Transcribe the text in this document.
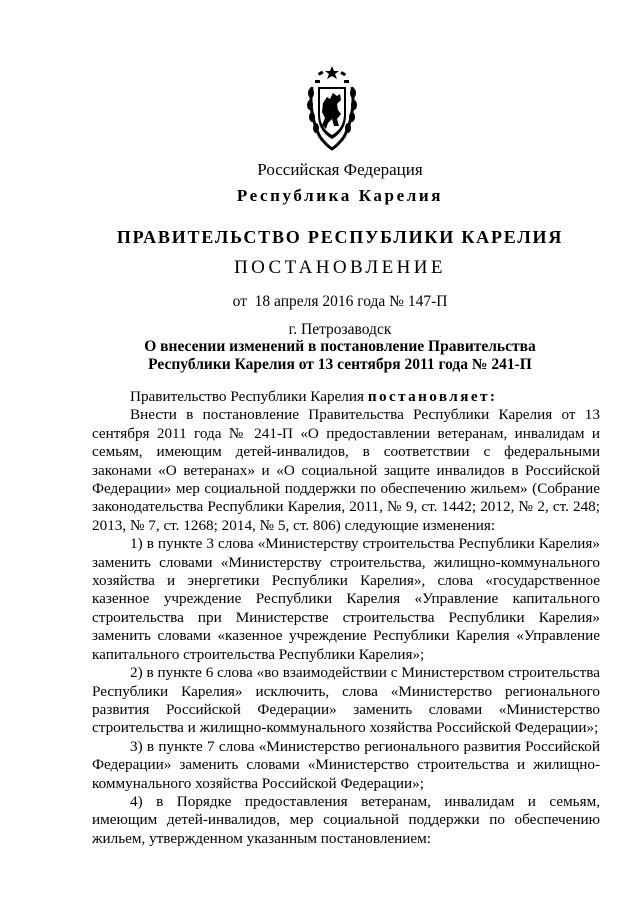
Российская Федерация
Республика Карелия
ПРАВИТЕЛЬСТВО РЕСПУБЛИКИ КАРЕЛИЯ
ПОСТАНОВЛЕНИЕ
от  18 апреля 2016 года № 147-П
г. Петрозаводск
О внесении изменений в постановление Правительства
Республики Карелия от 13 сентября 2011 года № 241-П

Правительство Республики Карелия постановляет:

Внести в постановление Правительства Республики Карелия от 13 сентября 2011 года № 241-П «О предоставлении ветеранам, инвалидам и семьям, имеющим детей-инвалидов, в соответствии с федеральными законами «О ветеранах» и «О социальной защите инвалидов в Российской Федерации» мер социальной поддержки по обеспечению жильем» (Собрание законодательства Республики Карелия, 2011, № 9, ст. 1442; 2012, № 2, ст. 248; 2013, № 7, ст. 1268; 2014, № 5, ст. 806) следующие изменения:

1) в пункте 3 слова «Министерству строительства Республики Карелия» заменить словами «Министерству строительства, жилищно-коммунального хозяйства и энергетики Республики Карелия», слова «государственное казенное учреждение Республики Карелия «Управление капитального строительства при Министерстве строительства Республики Карелия» заменить словами «казенное учреждение Республики Карелия «Управление капитального строительства Республики Карелия»;

2) в пункте 6 слова «во взаимодействии с Министерством строительства Республики Карелия» исключить, слова «Министерство регионального развития Российской Федерации» заменить словами «Министерство строительства и жилищно-коммунального хозяйства Российской Федерации»;

3) в пункте 7 слова «Министерство регионального развития Российской Федерации» заменить словами «Министерство строительства и жилищно-коммунального хозяйства Российской Федерации»;

4) в Порядке предоставления ветеранам, инвалидам и семьям, имеющим детей-инвалидов, мер социальной поддержки по обеспечению жильем, утвержденном указанным постановлением:
